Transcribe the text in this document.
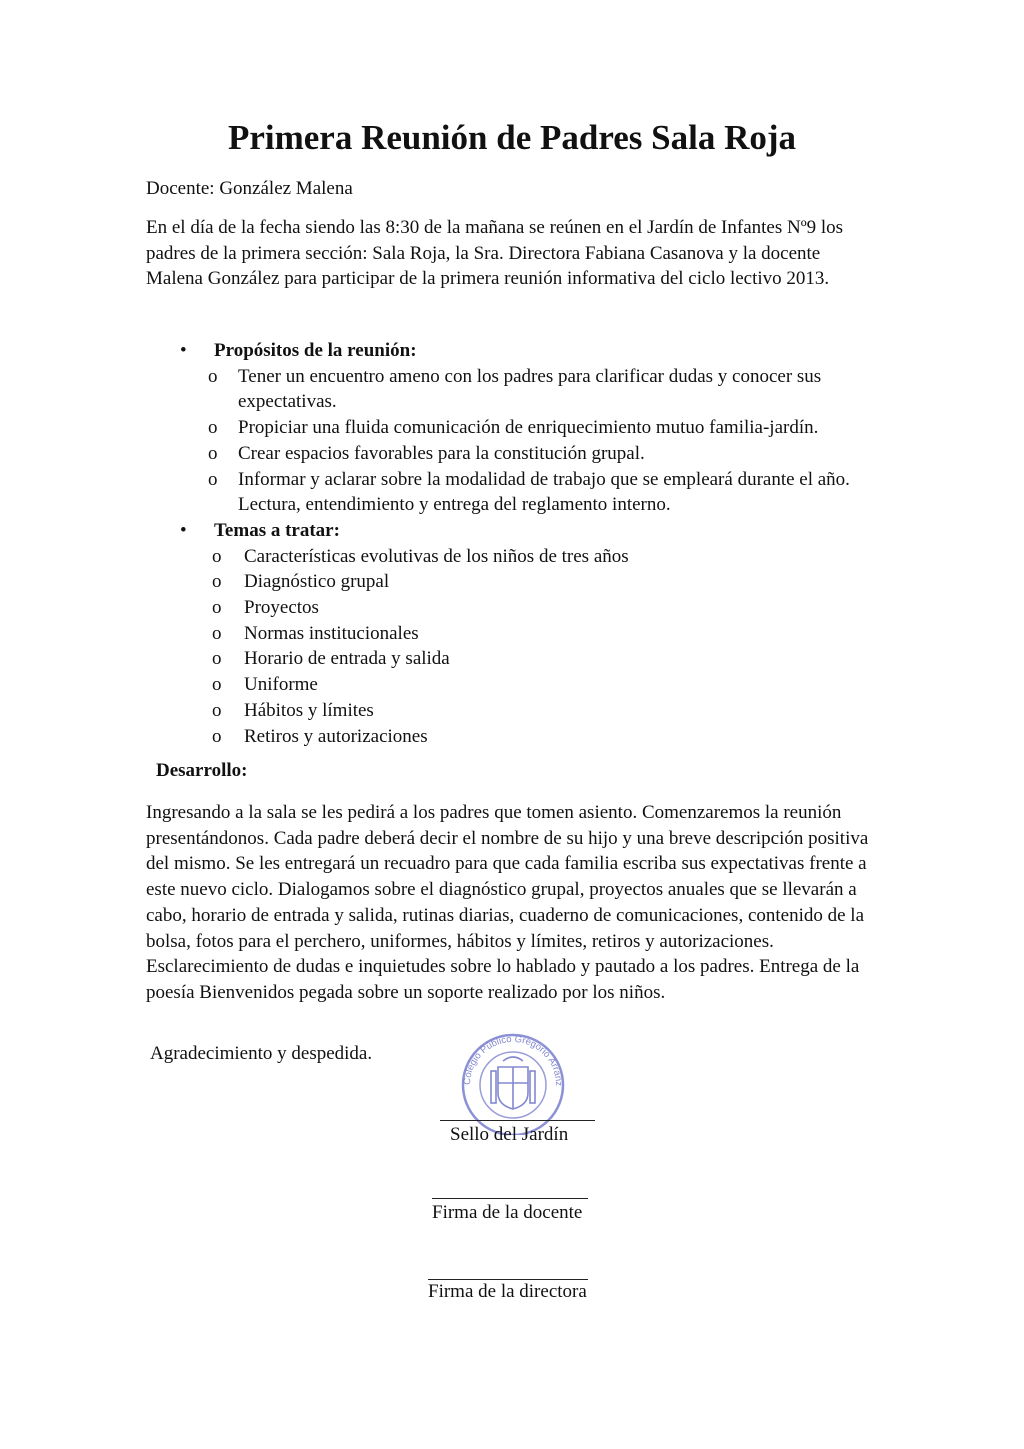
Primera Reunión de Padres Sala Roja
Docente: González Malena

En el día de la fecha siendo las 8:30 de la mañana se reúnen en el Jardín de Infantes Nº9 los padres de la primera sección: Sala Roja, la Sra. Directora Fabiana Casanova y la docente Malena González para participar de la primera reunión informativa del ciclo lectivo 2013.

• Propósitos de la reunión:
o Tener un encuentro ameno con los padres para clarificar dudas y conocer sus expectativas.
o Propiciar una fluida comunicación de enriquecimiento mutuo familia-jardín.
o Crear espacios favorables para la constitución grupal.
o Informar y aclarar sobre la modalidad de trabajo que se empleará durante el año. Lectura, entendimiento y entrega del reglamento interno.
• Temas a tratar:
o Características evolutivas de los niños de tres años
o Diagnóstico grupal
o Proyectos
o Normas institucionales
o Horario de entrada y salida
o Uniforme
o Hábitos y límites
o Retiros y autorizaciones
Desarrollo:

Ingresando a la sala se les pedirá a los padres que tomen asiento. Comenzaremos la reunión presentándonos. Cada padre deberá decir el nombre de su hijo y una breve descripción positiva del mismo. Se les entregará un recuadro para que cada familia escriba sus expectativas frente a este nuevo ciclo. Dialogamos sobre el diagnóstico grupal, proyectos anuales que se llevarán a cabo, horario de entrada y salida, rutinas diarias, cuaderno de comunicaciones, contenido de la bolsa, fotos para el perchero, uniformes, hábitos y límites, retiros y autorizaciones. Esclarecimiento de dudas e inquietudes sobre lo hablado y pautado a los padres. Entrega de la poesía Bienvenidos pegada sobre un soporte realizado por los niños.

Agradecimiento y despedida.
Colegio Público Gregorio Arranz
Sello del Jardín
Firma de la docente
Firma de la directora
